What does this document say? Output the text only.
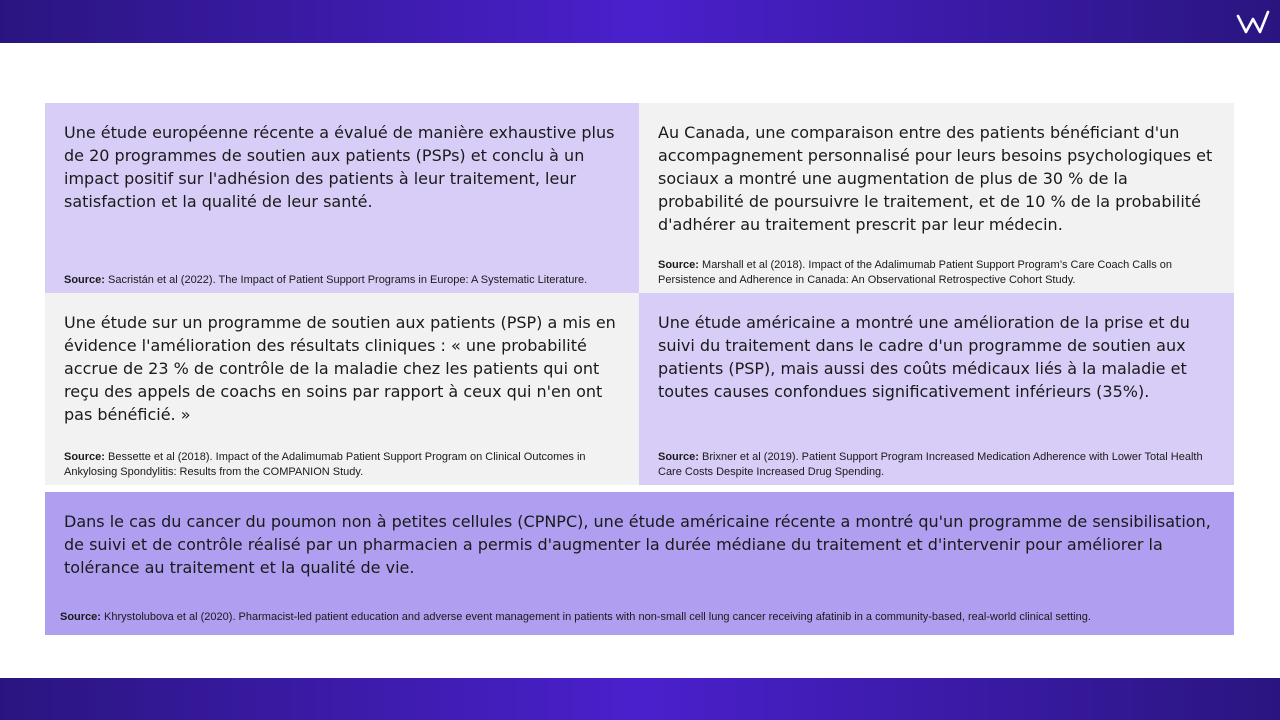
Une étude européenne récente a évalué de manière exhaustive plus de 20 programmes de soutien aux patients (PSPs) et conclu à un impact positif sur l'adhésion des patients à leur traitement, leur satisfaction et la qualité de leur santé.

Source: Sacristán et al (2022). The Impact of Patient Support Programs in Europe: A Systematic Literature.

Au Canada, une comparaison entre des patients bénéficiant d'un accompagnement personnalisé pour leurs besoins psychologiques et sociaux a montré une augmentation de plus de 30 % de la probabilité de poursuivre le traitement, et de 10 % de la probabilité d'adhérer au traitement prescrit par leur médecin.

Source: Marshall et al (2018). Impact of the Adalimumab Patient Support Program’s Care Coach Calls on Persistence and Adherence in Canada: An Observational Retrospective Cohort Study.

Une étude sur un programme de soutien aux patients (PSP) a mis en évidence l'amélioration des résultats cliniques : « une probabilité accrue de 23 % de contrôle de la maladie chez les patients qui ont reçu des appels de coachs en soins par rapport à ceux qui n'en ont pas bénéficié. »

Source: Bessette et al (2018). Impact of the Adalimumab Patient Support Program on Clinical Outcomes in Ankylosing Spondylitis: Results from the COMPANION Study.

Une étude américaine a montré une amélioration de la prise et du suivi du traitement dans le cadre d'un programme de soutien aux patients (PSP), mais aussi des coûts médicaux liés à la maladie et toutes causes confondues significativement inférieurs (35%).

Source: Brixner et al (2019). Patient Support Program Increased Medication Adherence with Lower Total Health Care Costs Despite Increased Drug Spending.

Dans le cas du cancer du poumon non à petites cellules (CPNPC), une étude américaine récente a montré qu'un programme de sensibilisation, de suivi et de contrôle réalisé par un pharmacien a permis d'augmenter la durée médiane du traitement et d'intervenir pour améliorer la tolérance au traitement et la qualité de vie.

Source: Khrystolubova et al (2020). Pharmacist-led patient education and adverse event management in patients with non-small cell lung cancer receiving afatinib in a community-based, real-world clinical setting.
